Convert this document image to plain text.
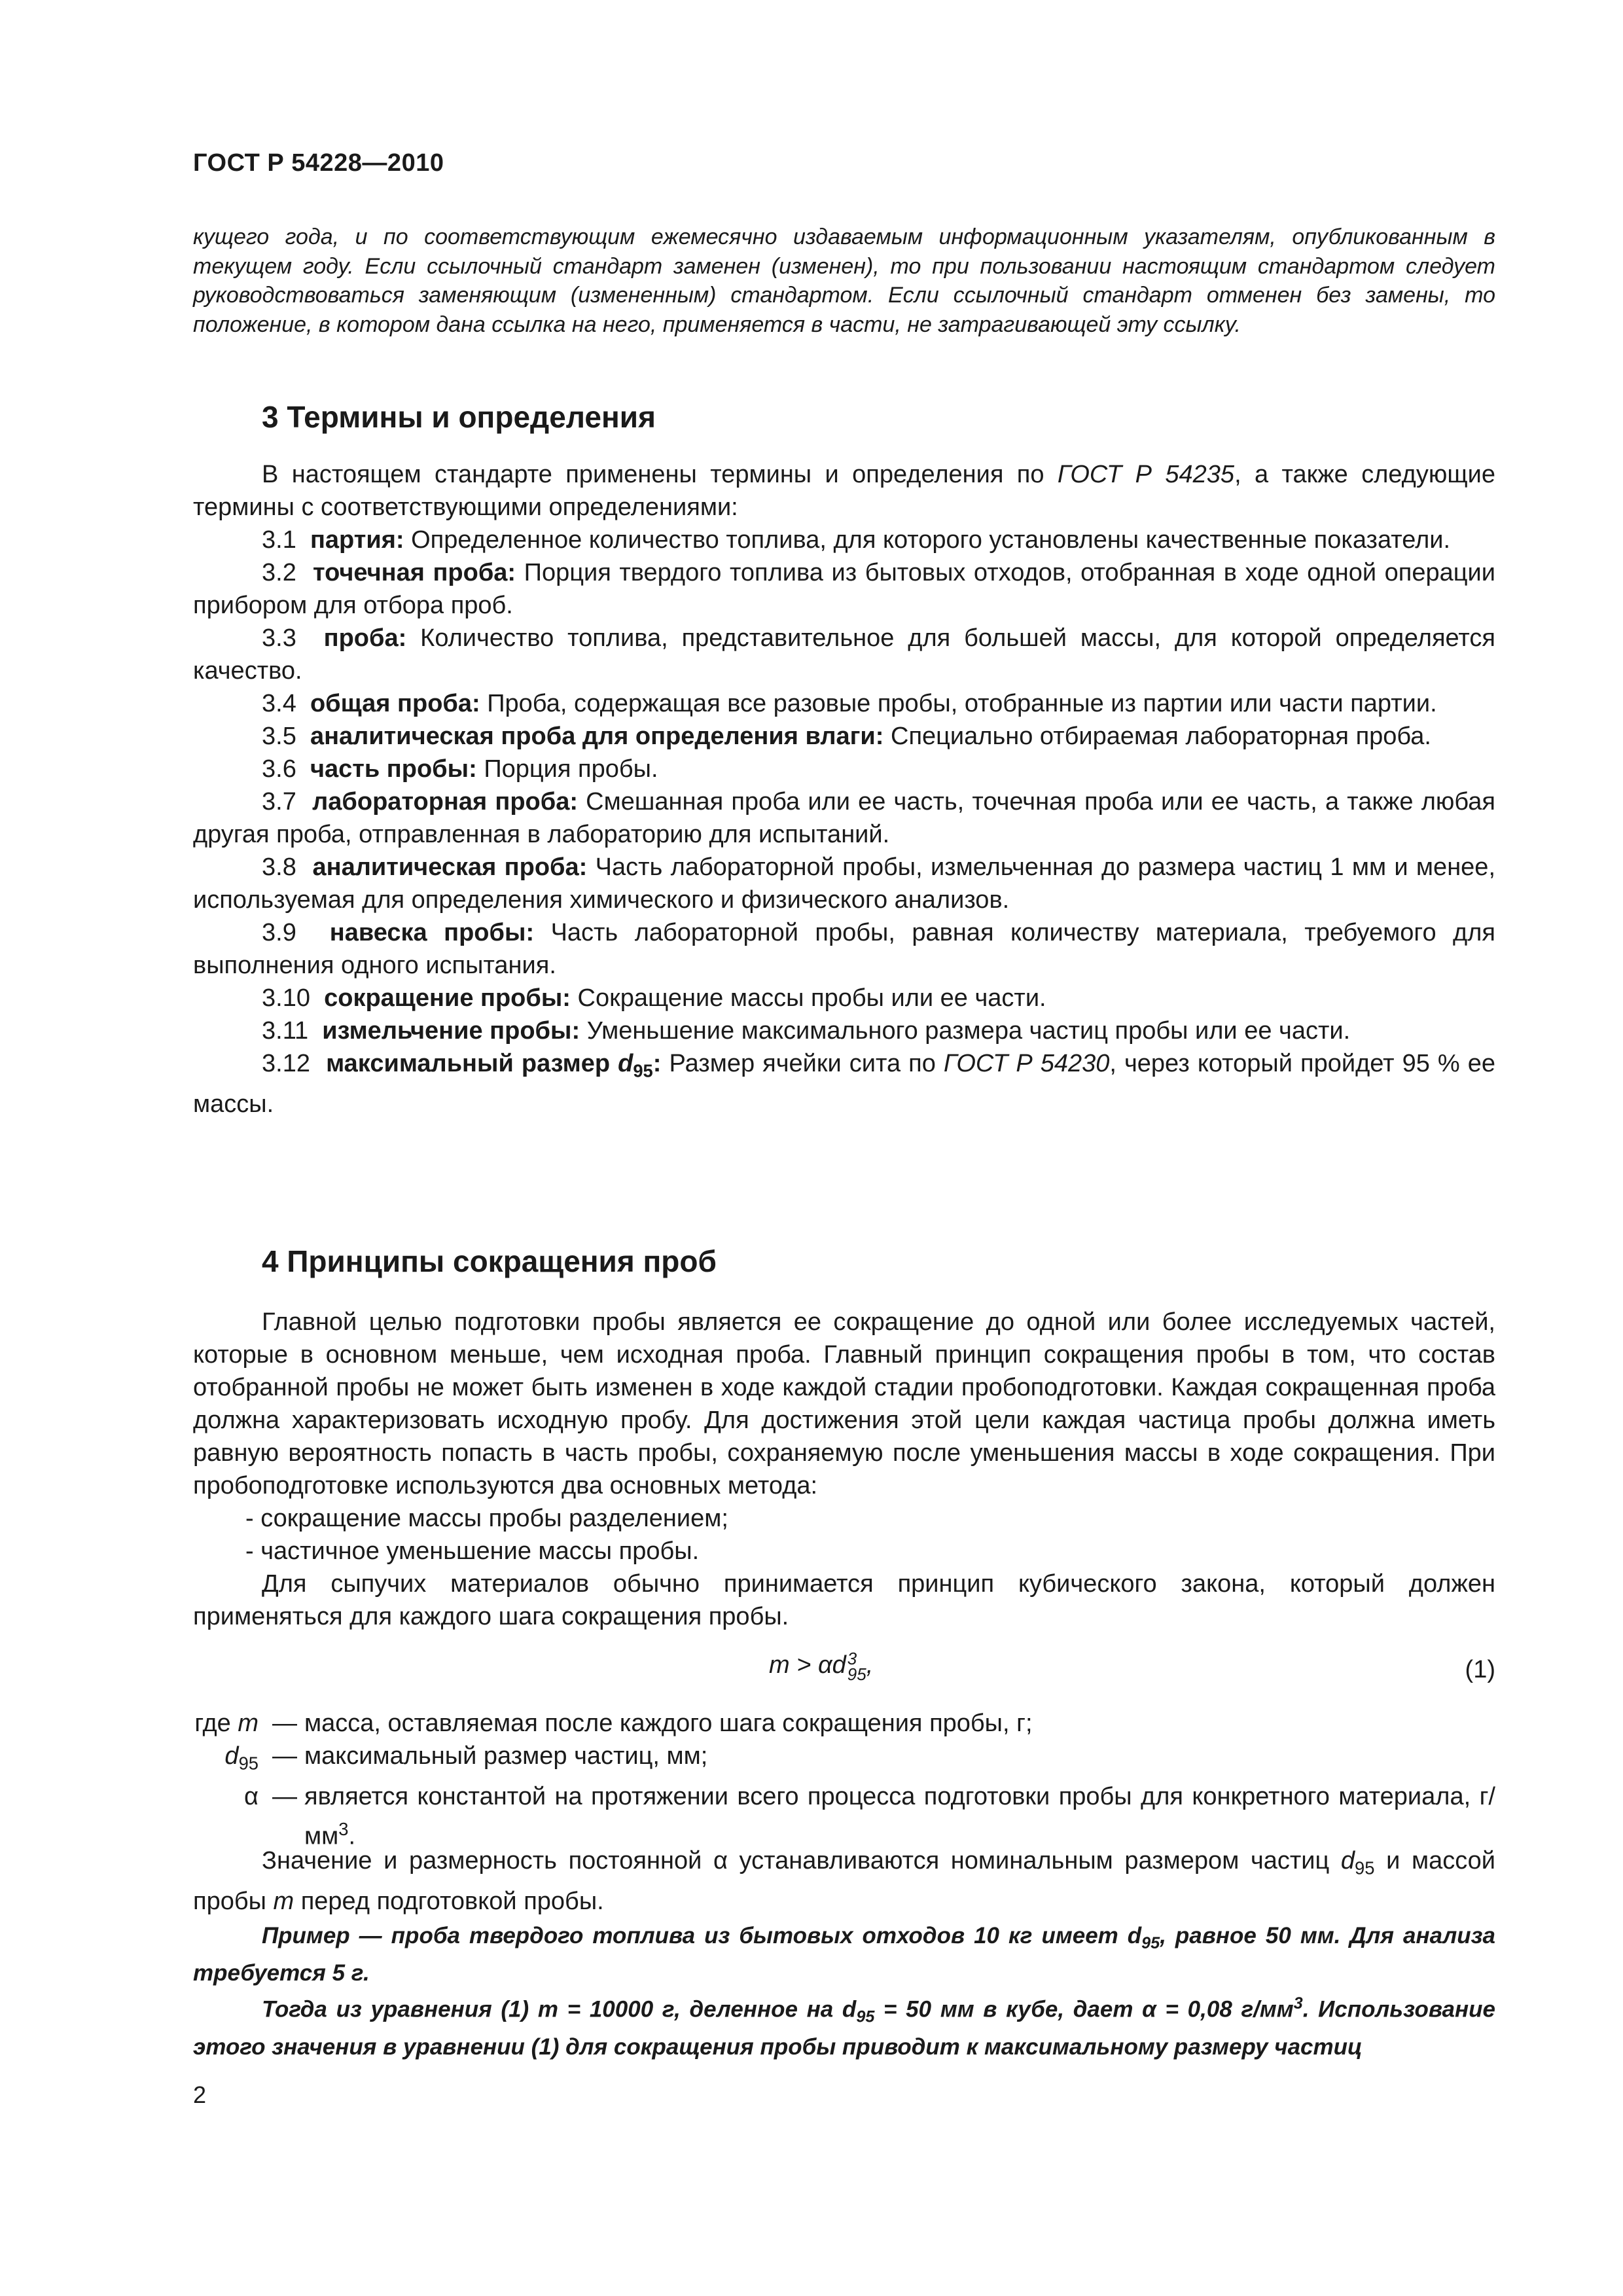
ГОСТ Р 54228—2010

кущего года, и по соответствующим ежемесячно издаваемым информационным указателям, опубликованным в текущем году. Если ссылочный стандарт заменен (изменен), то при пользовании настоящим стандартом следует руководствоваться заменяющим (измененным) стандартом. Если ссылочный стандарт отменен без замены, то положение, в котором дана ссылка на него, применяется в части, не затрагивающей эту ссылку.

3 Термины и определения

В настоящем стандарте применены термины и определения по ГОСТ Р 54235, а также следующие термины с соответствующими определениями:

3.1 партия: Определенное количество топлива, для которого установлены качественные показатели.

3.2 точечная проба: Порция твердого топлива из бытовых отходов, отобранная в ходе одной операции прибором для отбора проб.

3.3 проба: Количество топлива, представительное для большей массы, для которой определяется качество.

3.4 общая проба: Проба, содержащая все разовые пробы, отобранные из партии или части партии.

3.5 аналитическая проба для определения влаги: Специально отбираемая лабораторная проба.

3.6 часть пробы: Порция пробы.

3.7 лабораторная проба: Смешанная проба или ее часть, точечная проба или ее часть, а также любая другая проба, отправленная в лабораторию для испытаний.

3.8 аналитическая проба: Часть лабораторной пробы, измельченная до размера частиц 1 мм и менее, используемая для определения химического и физического анализов.

3.9 навеска пробы: Часть лабораторной пробы, равная количеству материала, требуемого для выполнения одного испытания.

3.10 сокращение пробы: Сокращение массы пробы или ее части.

3.11 измельчение пробы: Уменьшение максимального размера частиц пробы или ее части.

3.12 максимальный размер $d_{95}$: Размер ячейки сита по ГОСТ Р 54230, через который пройдет 95 % ее массы.

4 Принципы сокращения проб

Главной целью подготовки пробы является ее сокращение до одной или более исследуемых частей, которые в основном меньше, чем исходная проба. Главный принцип сокращения пробы в том, что состав отобранной пробы не может быть изменен в ходе каждой стадии пробоподготовки. Каждая сокращенная проба должна характеризовать исходную пробу. Для достижения этой цели каждая частица пробы должна иметь равную вероятность попасть в часть пробы, сохраняемую после уменьшения массы в ходе сокращения. При пробоподготовке используются два основных метода:

- сокращение массы пробы разделением;

- частичное уменьшение массы пробы.

Для сыпучих материалов обычно принимается принцип кубического закона, который должен применяться для каждого шага сокращения пробы.

m > αd 3
95 ,	(1)
где m — масса, оставляемая после каждого шага сокращения пробы, г;
$d_{95}$ — максимальный размер частиц, мм;
α — является константой на протяжении всего процесса подготовки пробы для конкретного материала, $г/мм^3$.

Значение и размерность постоянной α устанавливаются номинальным размером частиц $d_{95}$ и массой пробы m перед подготовкой пробы.

Пример — проба твердого топлива из бытовых отходов 10 кг имеет $d_{95}$, равное 50 мм. Для анализа требуется 5 г.

Тогда из уравнения (1) m = 10000 г, деленное на $d_{95} = 50$ мм в кубе, дает α = 0,08 $г/мм^3$. Использование этого значения в уравнении (1) для сокращения пробы приводит к максимальному размеру частиц

2
